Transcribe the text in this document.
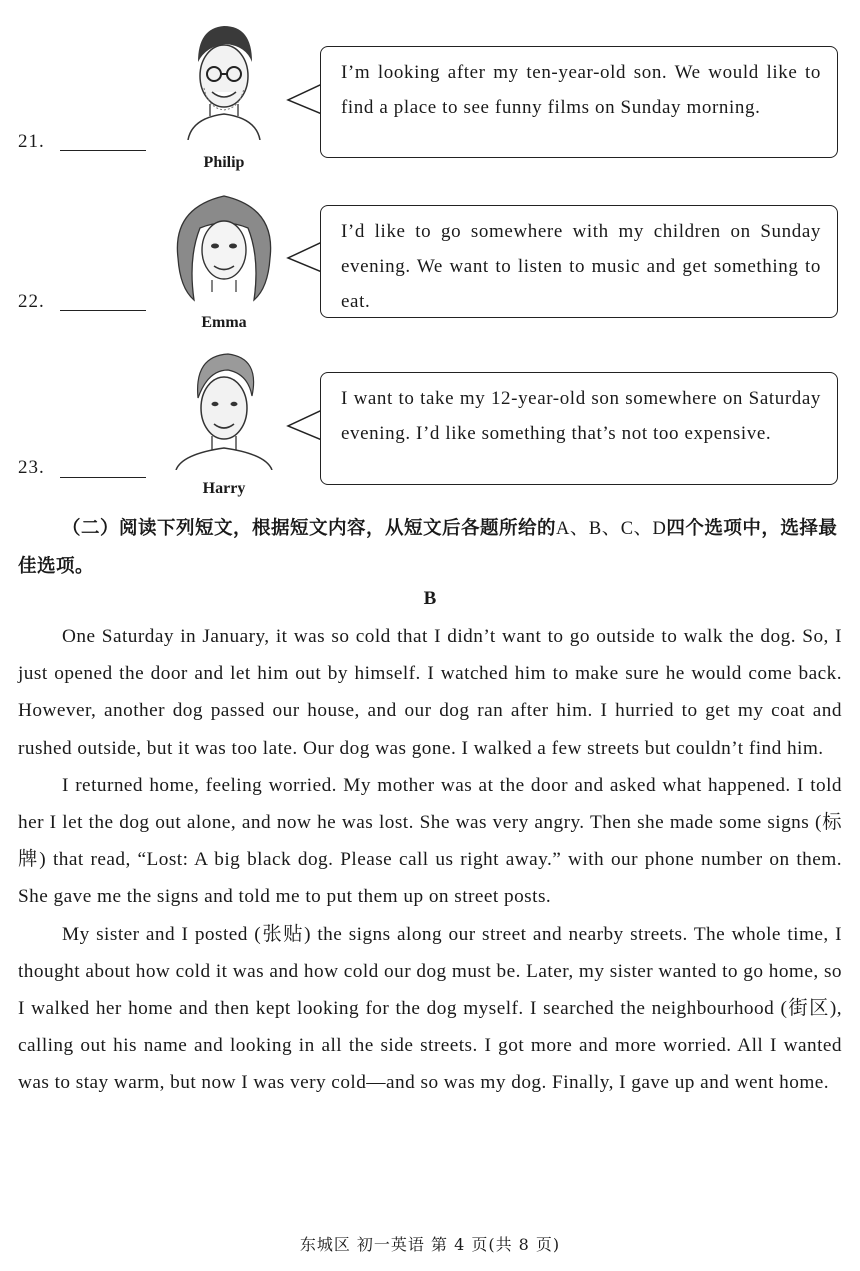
21.
Philip
I’m looking after my ten-year-old son. We would like to find a place to see funny films on Sunday morning.
22.
Emma
I’d like to go somewhere with my children on Sunday evening. We want to listen to music and get something to eat.
23.
Harry
I want to take my 12-year-old son somewhere on Saturday evening. I’d like something that’s not too expensive.
（二）阅读下列短文，根据短文内容，从短文后各题所给的A、B、C、D四个选项中，选择最佳选项。
B

One Saturday in January, it was so cold that I didn’t want to go outside to walk the dog. So, I just opened the door and let him out by himself. I watched him to make sure he would come back. However, another dog passed our house, and our dog ran after him. I hurried to get my coat and rushed outside, but it was too late. Our dog was gone. I walked a few streets but couldn’t find him.

I returned home, feeling worried. My mother was at the door and asked what happened. I told her I let the dog out alone, and now he was lost. She was very angry. Then she made some signs (标牌) that read, “Lost: A big black dog. Please call us right away.” with our phone number on them. She gave me the signs and told me to put them up on street posts.

My sister and I posted (张贴) the signs along our street and nearby streets. The whole time, I thought about how cold it was and how cold our dog must be. Later, my sister wanted to go home, so I walked her home and then kept looking for the dog myself. I searched the neighbourhood (街区), calling out his name and looking in all the side streets. I got more and more worried. All I wanted was to stay warm, but now I was very cold—and so was my dog. Finally, I gave up and went home.

东城区 初一英语 第 4 页(共 8 页)
